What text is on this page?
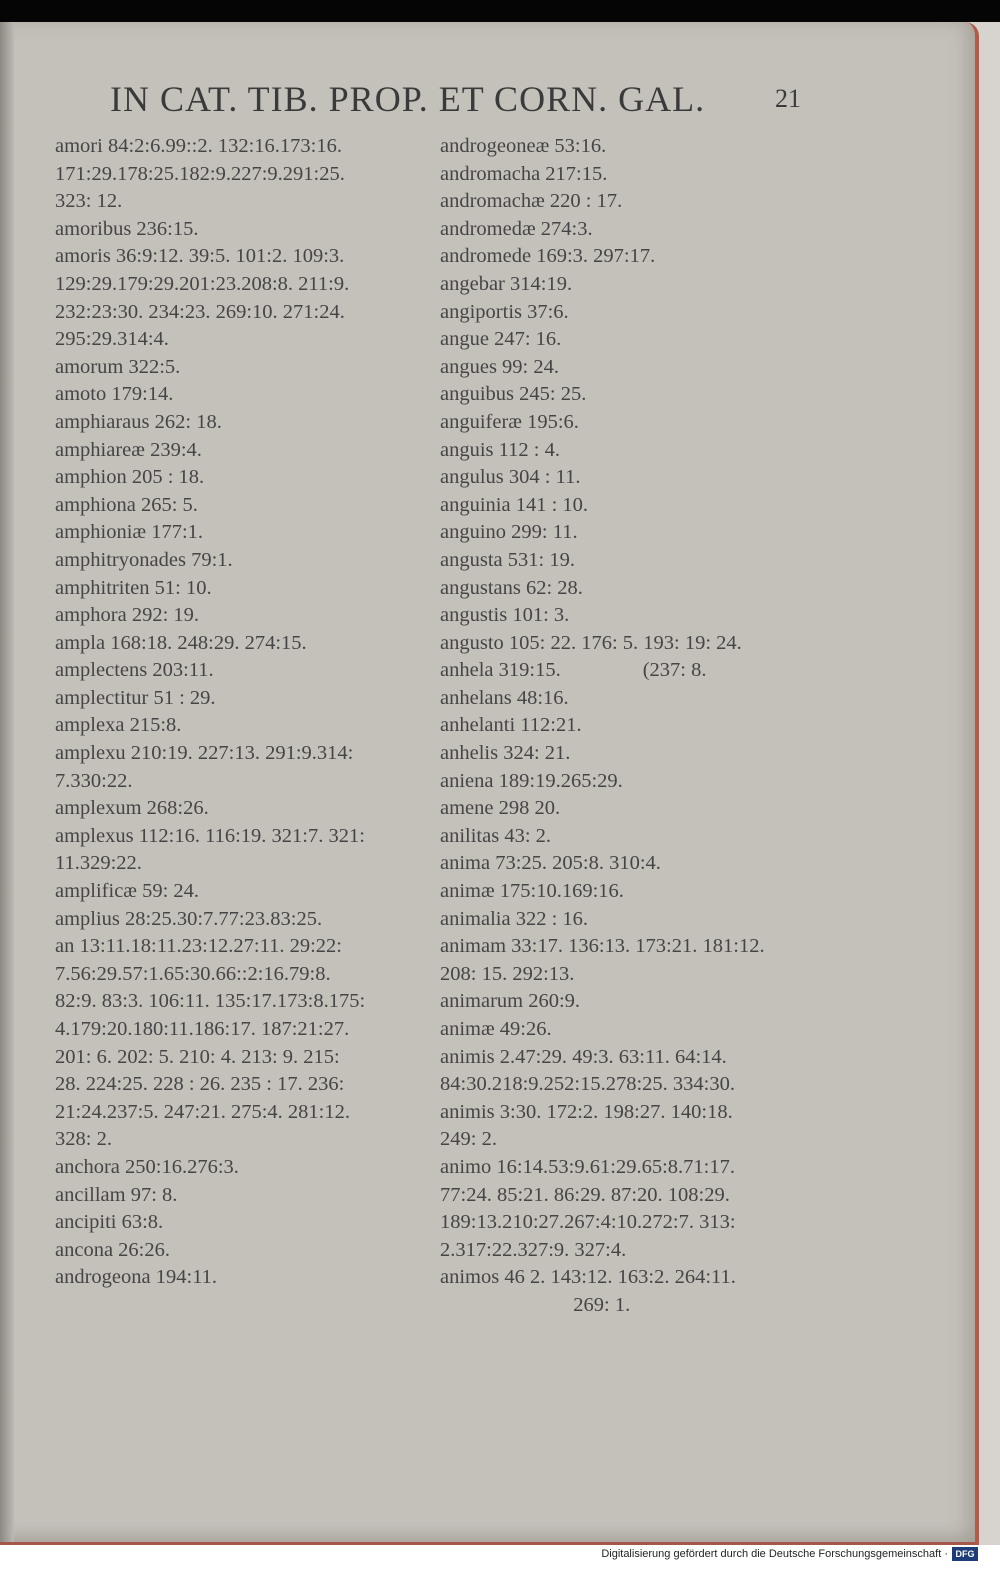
IN CAT. TIB. PROP. ET CORN. GAL.	21

amori 84:2:6.99::2. 132:16.173:16.

171:29.178:25.182:9.227:9.291:25.

323: 12.

amoribus 236:15.

amoris 36:9:12. 39:5. 101:2. 109:3.

129:29.179:29.201:23.208:8. 211:9.

232:23:30. 234:23. 269:10. 271:24.

295:29.314:4.

amorum 322:5.

amoto 179:14.

amphiaraus 262: 18.

amphiareæ 239:4.

amphion 205 : 18.

amphiona 265: 5.

amphioniæ 177:1.

amphitryonades 79:1.

amphitriten 51: 10.

amphora 292: 19.

ampla 168:18. 248:29. 274:15.

amplectens 203:11.

amplectitur 51 : 29.

amplexa 215:8.

amplexu 210:19. 227:13. 291:9.314:

7.330:22.

amplexum 268:26.

amplexus 112:16. 116:19. 321:7. 321:

11.329:22.

amplificæ 59: 24.

amplius 28:25.30:7.77:23.83:25.

an 13:11.18:11.23:12.27:11. 29:22:

7.56:29.57:1.65:30.66::2:16.79:8.

82:9. 83:3. 106:11. 135:17.173:8.175:

4.179:20.180:11.186:17. 187:21:27.

201: 6. 202: 5. 210: 4. 213: 9. 215:

28. 224:25. 228 : 26. 235 : 17. 236:

21:24.237:5. 247:21. 275:4. 281:12.

328: 2.

anchora 250:16.276:3.

ancillam 97: 8.

ancipiti 63:8.

ancona 26:26.

androgeona 194:11.

androgeoneæ 53:16.

andromacha 217:15.

andromachæ 220 : 17.

andromedæ 274:3.

andromede 169:3. 297:17.

angebar 314:19.

angiportis 37:6.

angue 247: 16.

angues 99: 24.

anguibus 245: 25.

anguiferæ 195:6.

anguis 112 : 4.

angulus 304 : 11.

anguinia 141 : 10.

anguino 299: 11.

angusta 531: 19.

angustans 62: 28.

angustis 101: 3.

angusto 105: 22. 176: 5. 193: 19: 24.

anhela 319:15.                (237: 8.

anhelans 48:16.

anhelanti 112:21.

anhelis 324: 21.

aniena 189:19.265:29.

amene 298 20.

anilitas 43: 2.

anima 73:25. 205:8. 310:4.

animæ 175:10.169:16.

animalia 322 : 16.

animam 33:17. 136:13. 173:21. 181:12.

208: 15. 292:13.

animarum 260:9.

animæ 49:26.

animis 2.47:29. 49:3. 63:11. 64:14.

84:30.218:9.252:15.278:25. 334:30.

animis 3:30. 172:2. 198:27. 140:18.

249: 2.

animo 16:14.53:9.61:29.65:8.71:17.

77:24. 85:21. 86:29. 87:20. 108:29.

189:13.210:27.267:4:10.272:7. 313:

2.317:22.327:9. 327:4.

animos 46 2. 143:12. 163:2. 264:11.

269: 1.

Digitalisierung gefördert durch die Deutsche Forschungsgemeinschaft · DFG
